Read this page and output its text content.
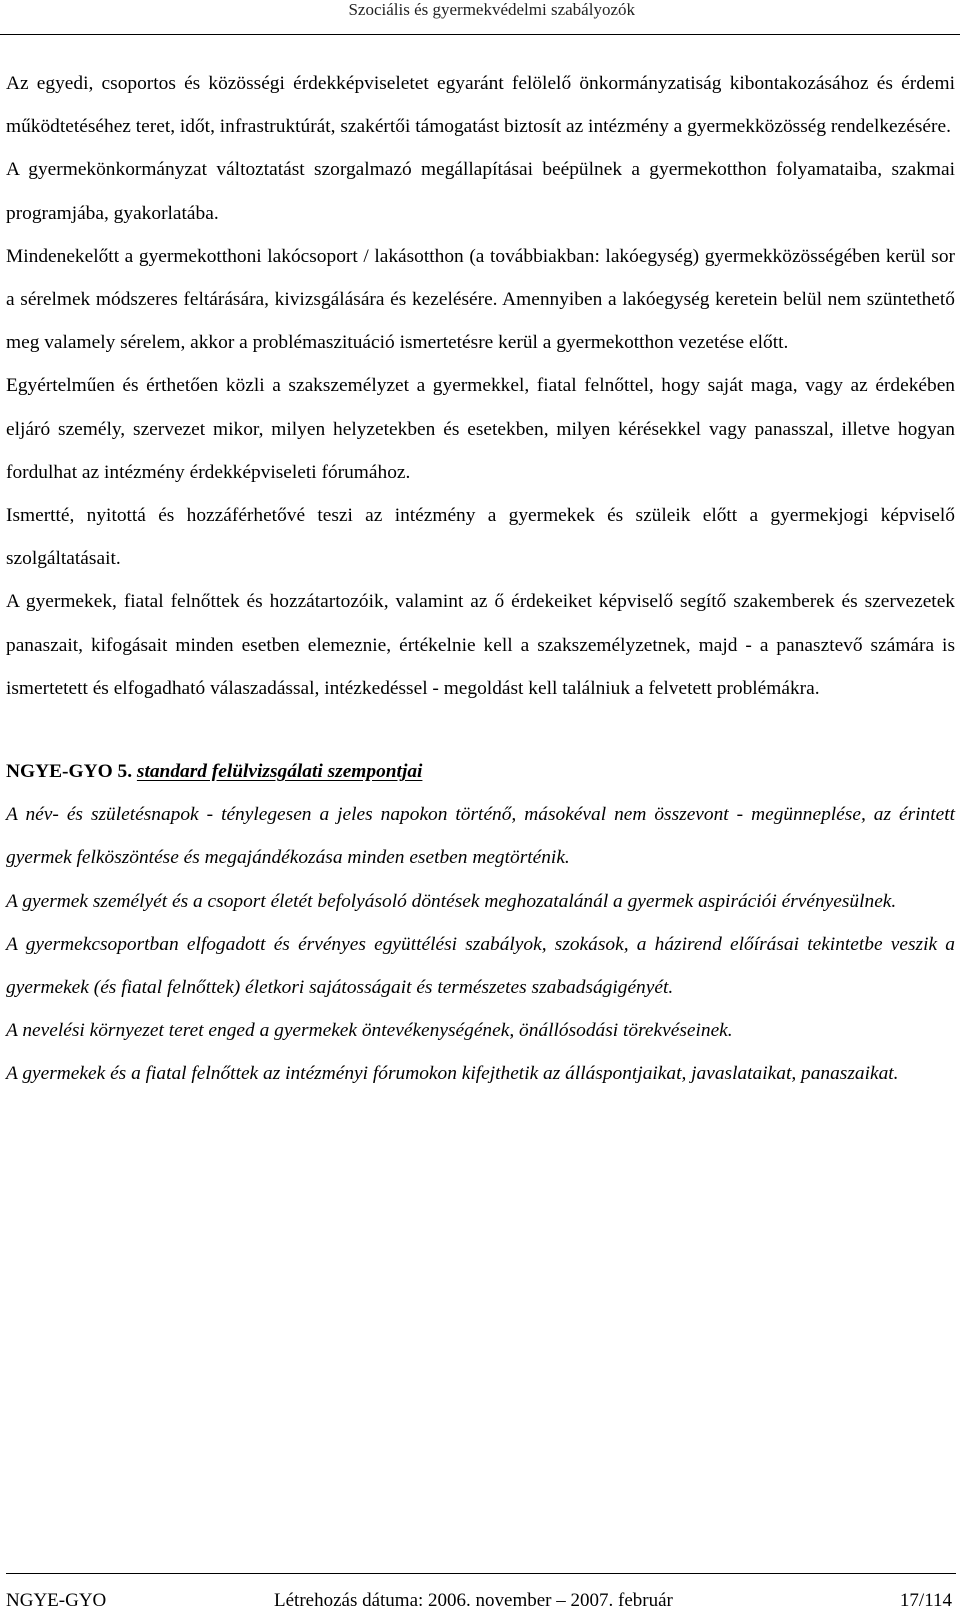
Szociális és gyermekvédelmi szabályozók

Az egyedi, csoportos és közösségi érdekképviseletet egyaránt felölelő önkormányzatiság kibontakozásához és érdemi működtetéséhez teret, időt, infrastruktúrát, szakértői támogatást biztosít az intézmény a gyermekközösség rendelkezésére.

A gyermekönkormányzat változtatást szorgalmazó megállapításai beépülnek a gyermekotthon folyamataiba, szakmai programjába, gyakorlatába.

Mindenekelőtt a gyermekotthoni lakócsoport / lakásotthon (a továbbiakban: lakóegység) gyermekközösségében kerül sor a sérelmek módszeres feltárására, kivizsgálására és kezelésére. Amennyiben a lakóegység keretein belül nem szüntethető meg valamely sérelem, akkor a problémaszituáció ismertetésre kerül a gyermekotthon vezetése előtt.

Egyértelműen és érthetően közli a szakszemélyzet a gyermekkel, fiatal felnőttel, hogy saját maga, vagy az érdekében eljáró személy, szervezet mikor, milyen helyzetekben és esetekben, milyen kérésekkel vagy panasszal, illetve hogyan fordulhat az intézmény érdekképviseleti fórumához.

Ismertté, nyitottá és hozzáférhetővé teszi az intézmény a gyermekek és szüleik előtt a gyermekjogi képviselő szolgáltatásait.

A gyermekek, fiatal felnőttek és hozzátartozóik, valamint az ő érdekeiket képviselő segítő szakemberek és szervezetek panaszait, kifogásait minden esetben elemeznie, értékelnie kell a szakszemélyzetnek, majd - a panasztevő számára is ismertetett és elfogadható válaszadással, intézkedéssel - megoldást kell találniuk a felvetett problémákra.

NGYE-GYO 5. standard felülvizsgálati szempontjai

A név- és születésnapok - ténylegesen a jeles napokon történő, másokéval nem összevont - megünneplése, az érintett gyermek felköszöntése és megajándékozása minden esetben megtörténik.

A gyermek személyét és a csoport életét befolyásoló döntések meghozatalánál a gyermek aspirációi érvényesülnek.

A gyermekcsoportban elfogadott és érvényes együttélési szabályok, szokások, a házirend előírásai tekintetbe veszik a gyermekek (és fiatal felnőttek) életkori sajátosságait és természetes szabadságigényét.

A nevelési környezet teret enged a gyermekek öntevékenységének, önállósodási törekvéseinek.

A gyermekek és a fiatal felnőttek az intézményi fórumokon kifejthetik az álláspontjaikat, javaslataikat, panaszaikat.

NGYE-GYO	Létrehozás dátuma: 2006. november – 2007. február	17/114
